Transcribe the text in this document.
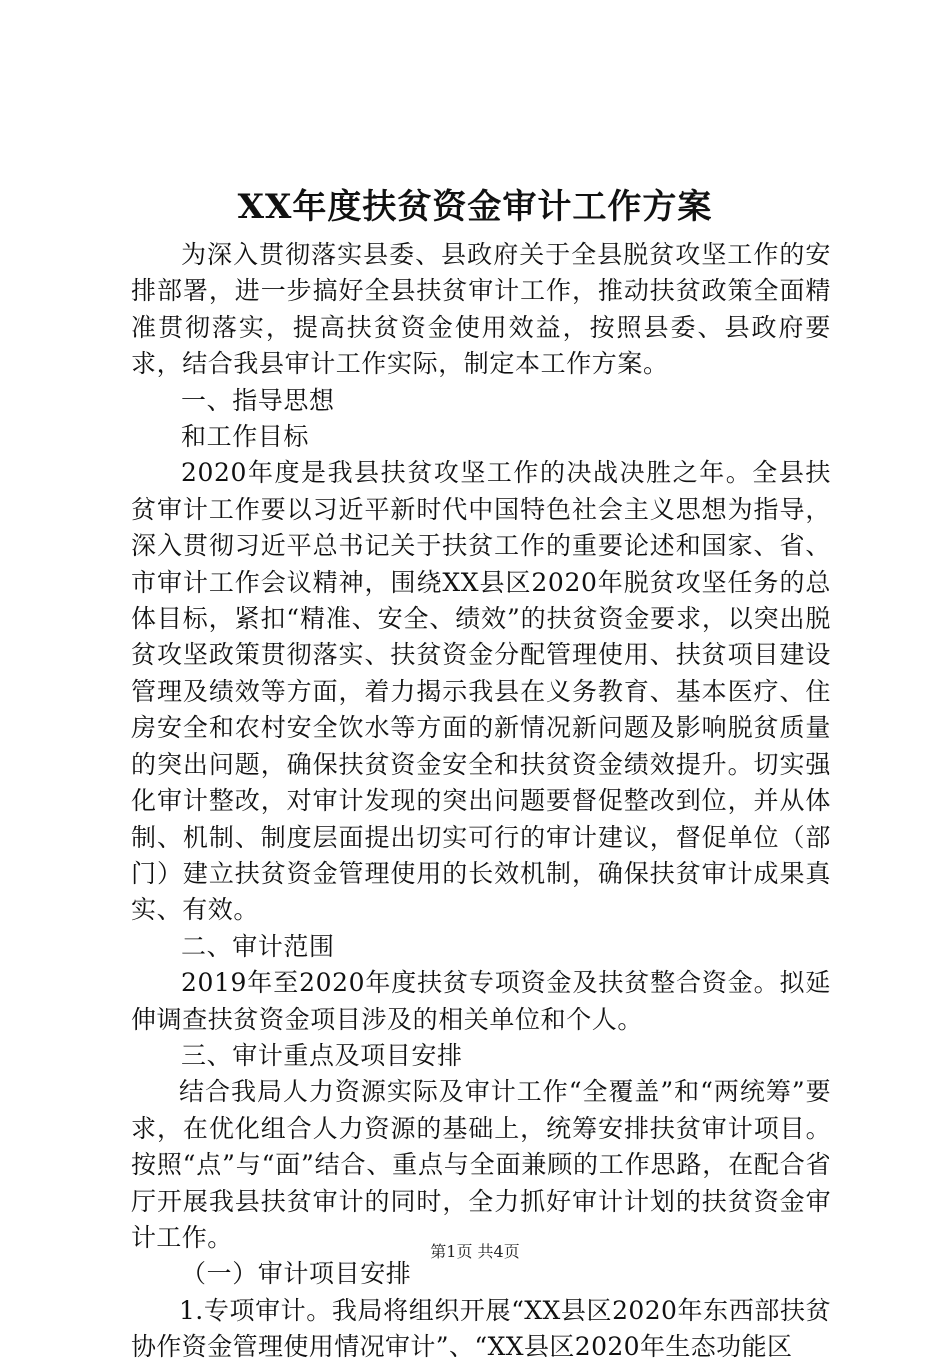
XX年度扶贫资金审计工作方案

为深入贯彻落实县委、县政府关于全县脱贫攻坚工作的安排部署，进一步搞好全县扶贫审计工作，推动扶贫政策全面精准贯彻落实，提高扶贫资金使用效益，按照县委、县政府要求，结合我县审计工作实际，制定本工作方案。

一、指导思想

和工作目标

2020年度是我县扶贫攻坚工作的决战决胜之年。全县扶贫审计工作要以习近平新时代中国特色社会主义思想为指导，深入贯彻习近平总书记关于扶贫工作的重要论述和国家、省、市审计工作会议精神，围绕XX县区2020年脱贫攻坚任务的总体目标，紧扣“精准、安全、绩效”的扶贫资金要求，以突出脱贫攻坚政策贯彻落实、扶贫资金分配管理使用、扶贫项目建设管理及绩效等方面，着力揭示我县在义务教育、基本医疗、住房安全和农村安全饮水等方面的新情况新问题及影响脱贫质量的突出问题，确保扶贫资金安全和扶贫资金绩效提升。切实强化审计整改，对审计发现的突出问题要督促整改到位，并从体制、机制、制度层面提出切实可行的审计建议，督促单位（部门）建立扶贫资金管理使用的长效机制，确保扶贫审计成果真实、有效。

二、审计范围

2019年至2020年度扶贫专项资金及扶贫整合资金。拟延伸调查扶贫资金项目涉及的相关单位和个人。

三、审计重点及项目安排

结合我局人力资源实际及审计工作“全覆盖”和“两统筹”要求，在优化组合人力资源的基础上，统筹安排扶贫审计项目。按照“点”与“面”结合、重点与全面兼顾的工作思路，在配合省厅开展我县扶贫审计的同时，全力抓好审计计划的扶贫资金审计工作。

（一）审计项目安排

1.专项审计。我局将组织开展“XX县区2020年东西部扶贫协作资金管理使用情况审计”、“XX县区2020年生态功能区

第1页 共4页
